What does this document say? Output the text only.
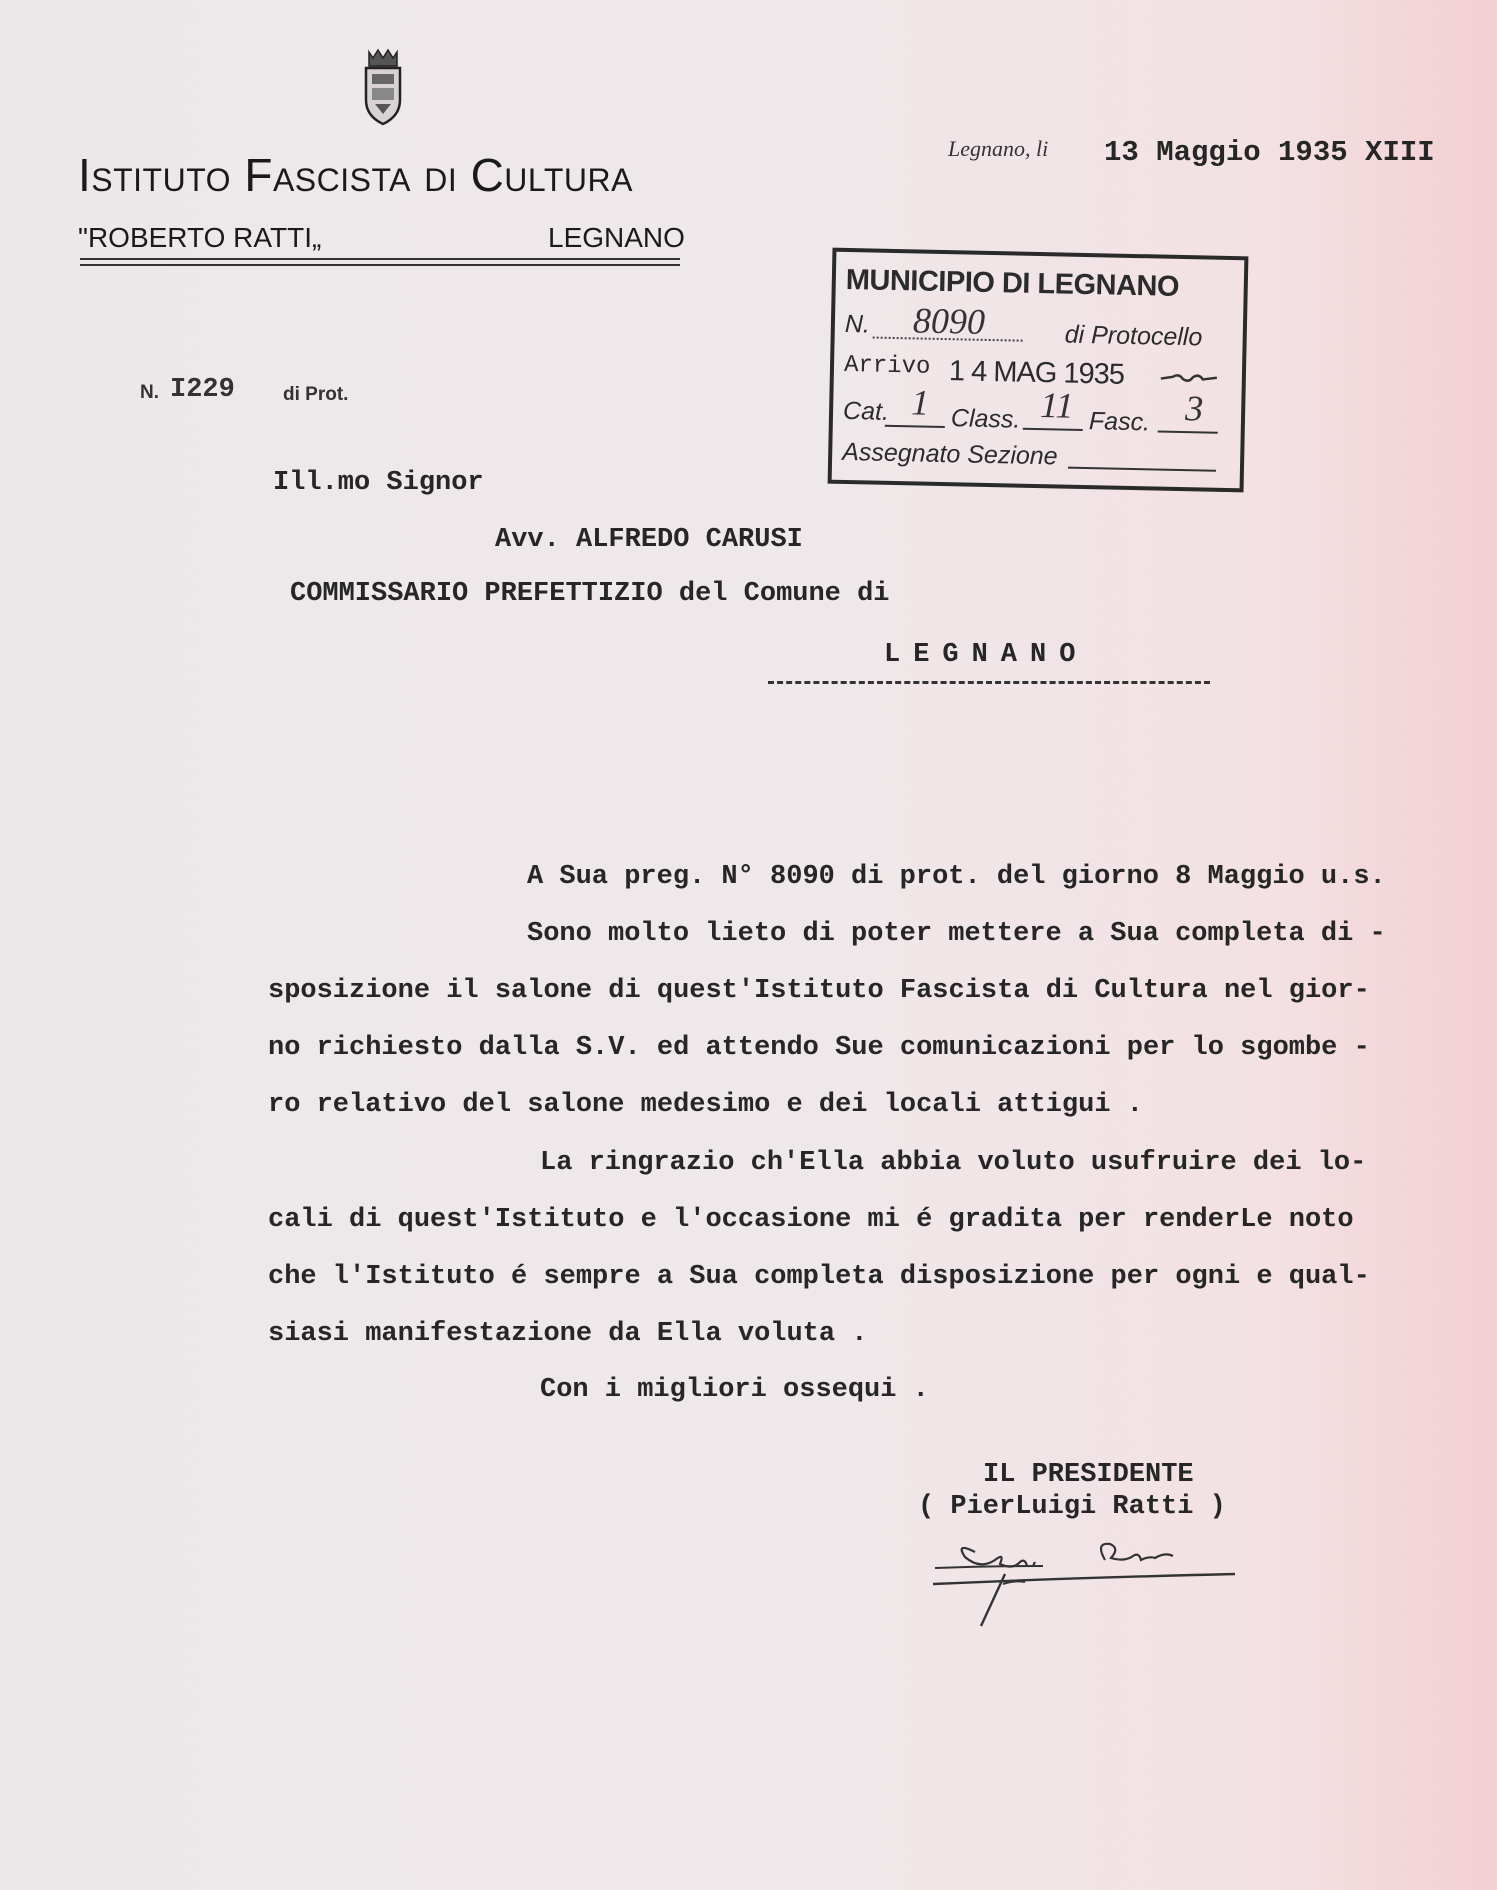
Istituto Fascista di Cultura
"ROBERTO RATTI„	LEGNANO
Legnano, li 13 Maggio 1935 XIII
N. I229	di Prot.
MUNICIPIO DI LEGNANO
N. 8090	di Protocello
Arrivo 1 4 MAG 1935
Cat. 1 Class. 11 Fasc. 3
Assegnato Sezione
Ill.mo Signor
Avv. ALFREDO CARUSI
COMMISSARIO PREFETTIZIO del Comune di
LEGNANO
A Sua preg. N° 8090 di prot. del giorno 8 Maggio u.s.
Sono molto lieto di poter mettere a Sua completa di -
sposizione il salone di quest'Istituto Fascista di Cultura nel gior-
no richiesto dalla S.V. ed attendo Sue comunicazioni per lo sgombe -
ro relativo del salone medesimo e dei locali attigui .
La ringrazio ch'Ella abbia voluto usufruire dei lo-
cali di quest'Istituto e l'occasione mi é gradita per renderLe noto
che l'Istituto é sempre a Sua completa disposizione per ogni e qual-
siasi manifestazione da Ella voluta .
Con i migliori ossequi .
IL PRESIDENTE
( PierLuigi Ratti )
